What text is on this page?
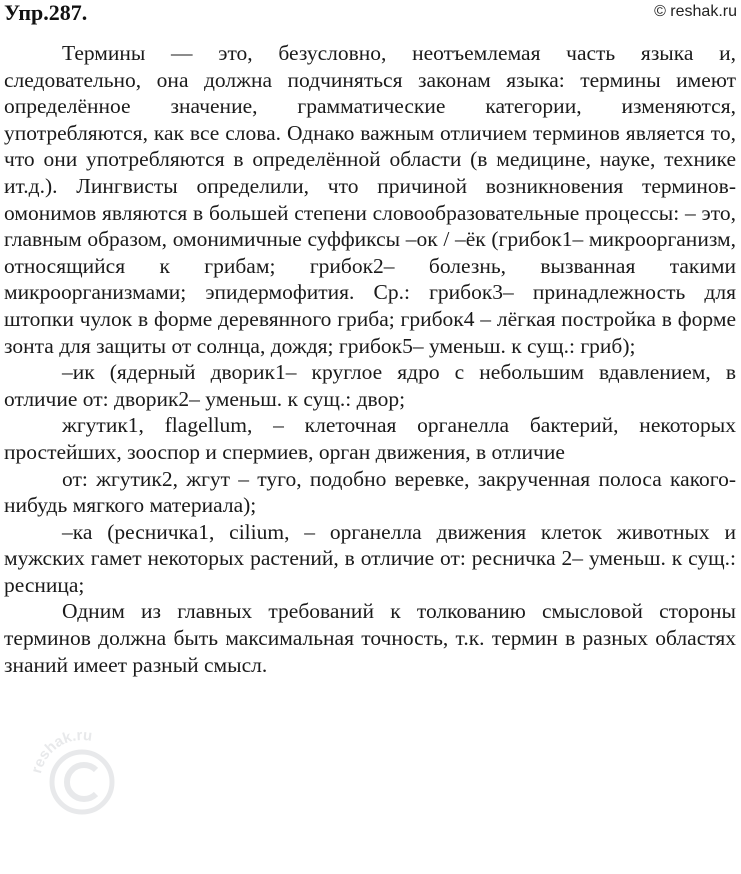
Упр.287.	© reshak.ru

Термины — это, безусловно, неотъемлемая часть языка и, следовательно, она должна подчиняться законам языка: термины имеют определённое значение, грамматические категории, изменяются, употребляются, как все слова. Однако важным отличием терминов является то, что они употребляются в определённой области (в медицине, науке, технике ит.д.). Лингвисты определили, что причиной возникновения терминов-омонимов являются в большей степени словообразовательные процессы: – это, главным образом, омонимичные суффиксы –ок / –ёк (грибок1– микроорганизм, относящийся к грибам; грибок2– болезнь, вызванная такими микроорганизмами; эпидермофития. Ср.: грибок3– принадлежность для штопки чулок в форме деревянного гриба; грибок4 – лёгкая постройка в форме зонта для защиты от солнца, дождя; грибок5– уменьш. к сущ.: гриб);

–ик (ядерный дворик1– круглое ядро с небольшим вдавлением, в отличие от: дворик2– уменьш. к сущ.: двор;

жгутик1, flagellum, – клеточная органелла бактерий, некоторых простейших, зооспор и спермиев, орган движения, в отличие

от: жгутик2, жгут – туго, подобно веревке, закрученная полоса какого-нибудь мягкого материала);

–ка (ресничка1, cilium, – органелла движения клеток животных и мужских гамет некоторых растений, в отличие от: ресничка 2– уменьш. к сущ.: ресница;

Одним из главных требований к толкованию смысловой стороны терминов должна быть максимальная точность, т.к. термин в разных областях знаний имеет разный смысл.

reshak.ru
